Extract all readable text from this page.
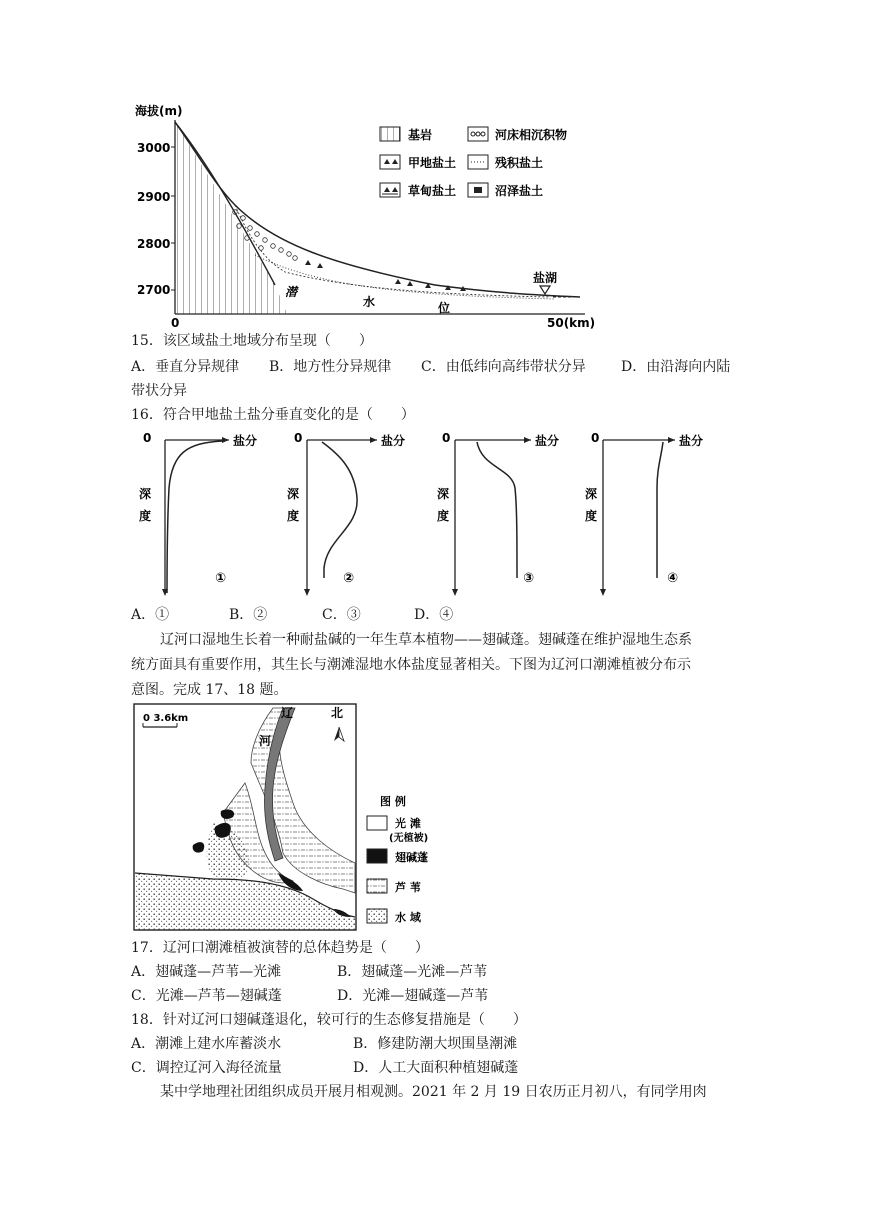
海拔(m)
3000
2900
2800
2700
0	50(km)
潜
水	位
盐湖
基岩	河床相沉积物
甲地盐土	残积盐土
草甸盐土	沼泽盐土
15．该区域盐土地域分布呈现（　　）
A．垂直分异规律 B．地方性分异规律 C．由低纬向高纬带状分异	D．由沿海向内陆
带状分异
16．符合甲地盐土盐分垂直变化的是（　　）
0	盐分
深
度
①
0	盐分
深
度
②
0	盐分
深
度
③
0	盐分
深
度
④
A．①	B．②	C．③	D．④
辽河口湿地生长着一种耐盐碱的一年生草本植物——翅碱蓬。翅碱蓬在维护湿地生态系
统方面具有重要作用，其生长与潮滩湿地水体盐度显著相关。下图为辽河口潮滩植被分布示
意图。完成 17、18 题。
0 3.6km	辽
河
北
图 例
光 滩
(无植被)
翅碱蓬
芦 苇
水 域
17．辽河口潮滩植被演替的总体趋势是（　　）
A．翅碱蓬—芦苇—光滩	B．翅碱蓬—光滩—芦苇
C．光滩—芦苇—翅碱蓬	D．光滩—翅碱蓬—芦苇
18．针对辽河口翅碱蓬退化，较可行的生态修复措施是（　　）
A．潮滩上建水库蓄淡水	B．修建防潮大坝围垦潮滩
C．调控辽河入海径流量	D．人工大面积种植翅碱蓬
某中学地理社团组织成员开展月相观测。2021 年 2 月 19 日农历正月初八，有同学用肉
